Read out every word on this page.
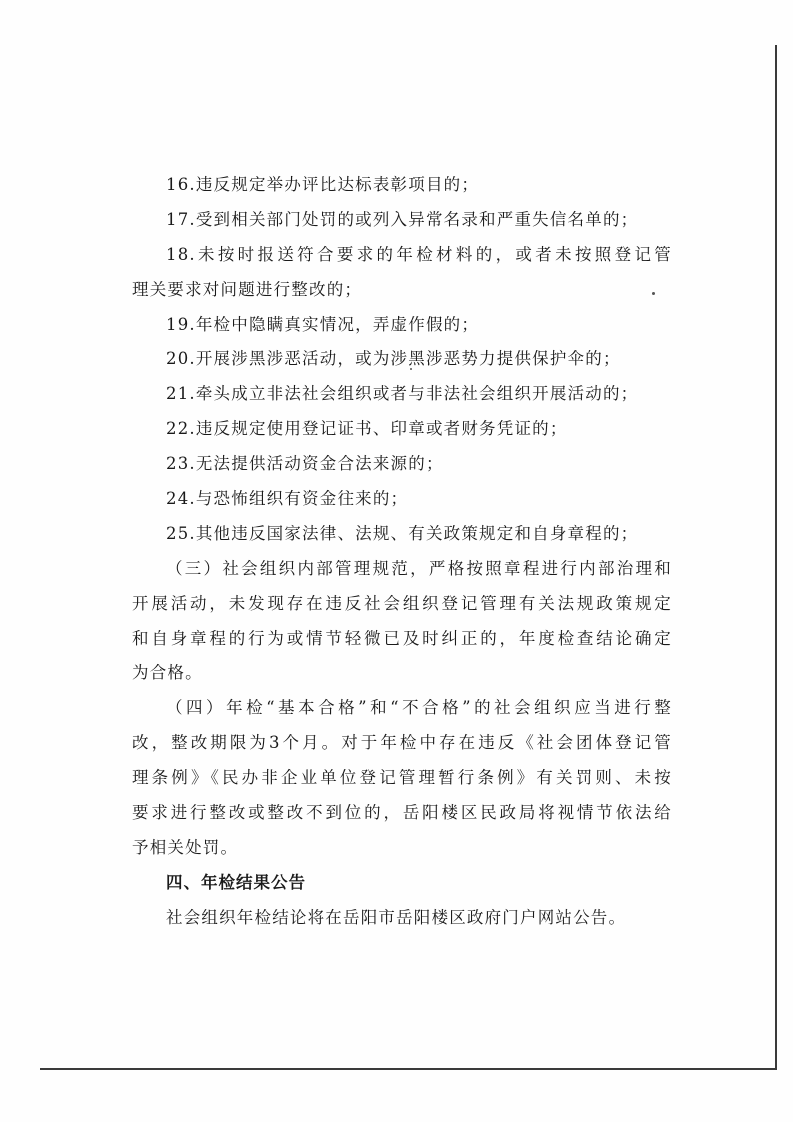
16.违反规定举办评比达标表彰项目的；
17.受到相关部门处罚的或列入异常名录和严重失信名单的；
18.未按时报送符合要求的年检材料的，或者未按照登记管
理关要求对问题进行整改的；
19.年检中隐瞒真实情况，弄虚作假的；
20.开展涉黑涉恶活动，或为涉黑涉恶势力提供保护伞的；
21.牵头成立非法社会组织或者与非法社会组织开展活动的；
22.违反规定使用登记证书、印章或者财务凭证的；
23.无法提供活动资金合法来源的；
24.与恐怖组织有资金往来的；
25.其他违反国家法律、法规、有关政策规定和自身章程的；
（三）社会组织内部管理规范，严格按照章程进行内部治理和
开展活动，未发现存在违反社会组织登记管理有关法规政策规定
和自身章程的行为或情节轻微已及时纠正的，年度检查结论确定
为合格。
（四）年检“基本合格”和“不合格”的社会组织应当进行整
改，整改期限为3个月。对于年检中存在违反《社会团体登记管
理条例》《民办非企业单位登记管理暂行条例》有关罚则、未按
要求进行整改或整改不到位的，岳阳楼区民政局将视情节依法给
予相关处罚。
四、年检结果公告
社会组织年检结论将在岳阳市岳阳楼区政府门户网站公告。
